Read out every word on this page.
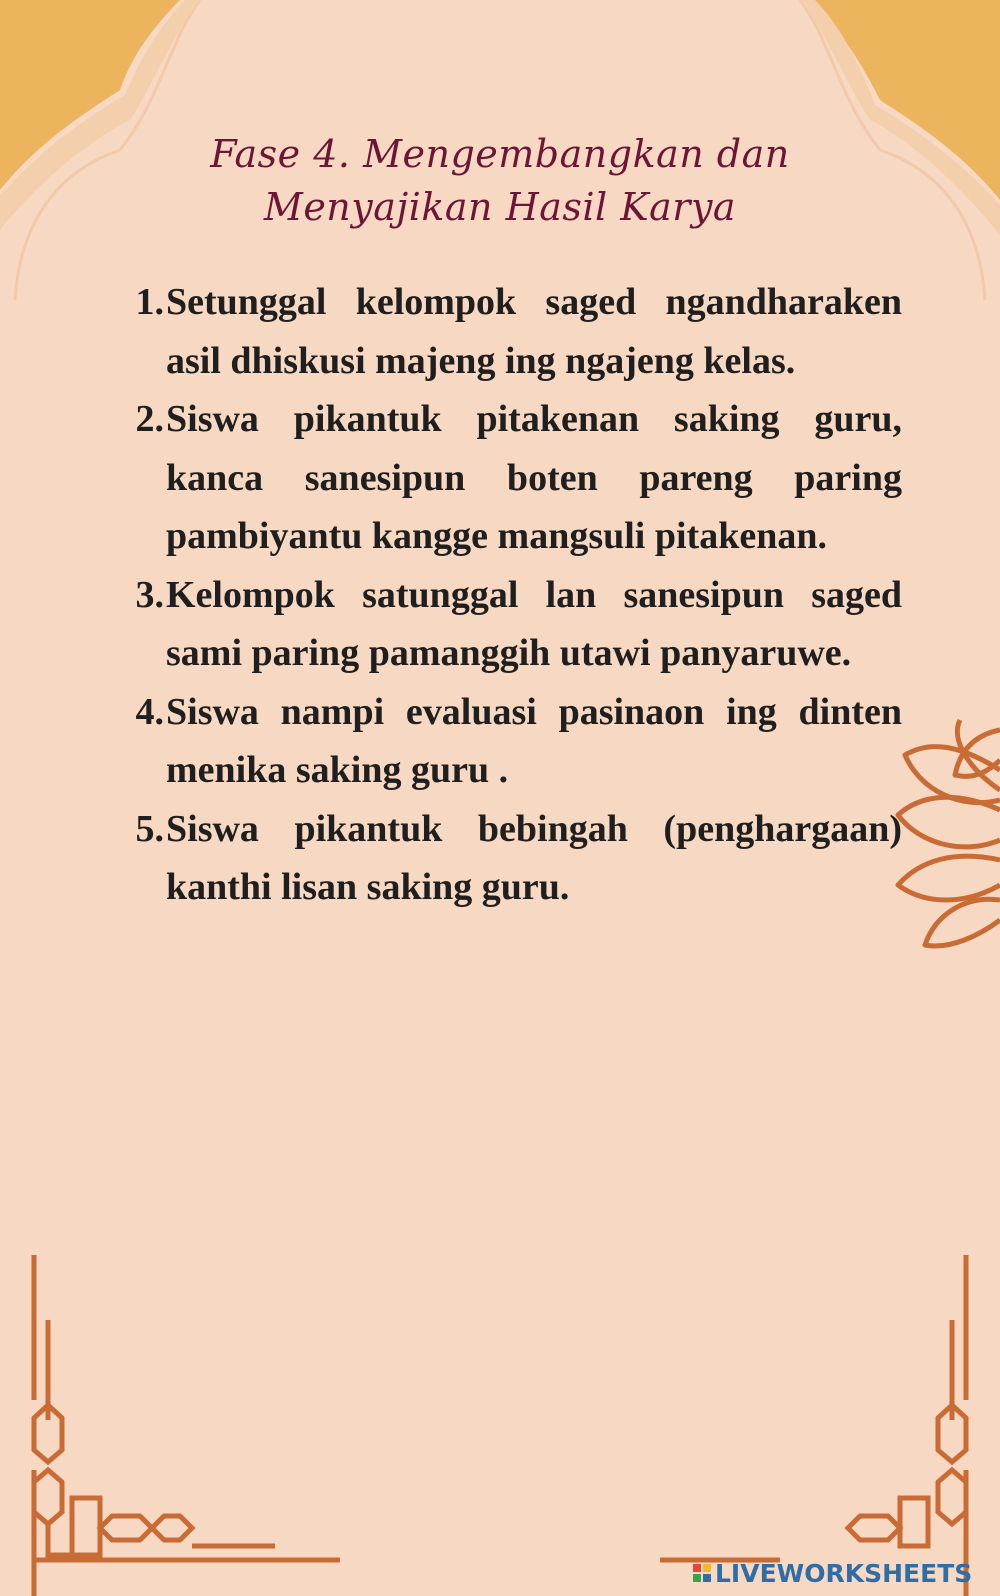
Fase 4. Mengembangkan dan
Menyajikan Hasil Karya
1. Setunggal kelompok saged ngandharaken asil dhiskusi majeng ing ngajeng kelas.
2. Siswa pikantuk pitakenan saking guru, kanca sanesipun boten pareng paring pambiyantu kangge mangsuli pitakenan.
3. Kelompok satunggal lan sanesipun saged sami paring pamanggih utawi panyaruwe.
4. Siswa nampi evaluasi pasinaon ing dinten menika saking guru .
5. Siswa pikantuk bebingah (penghargaan) kanthi lisan saking guru.
LIVEWORKSHEETS
